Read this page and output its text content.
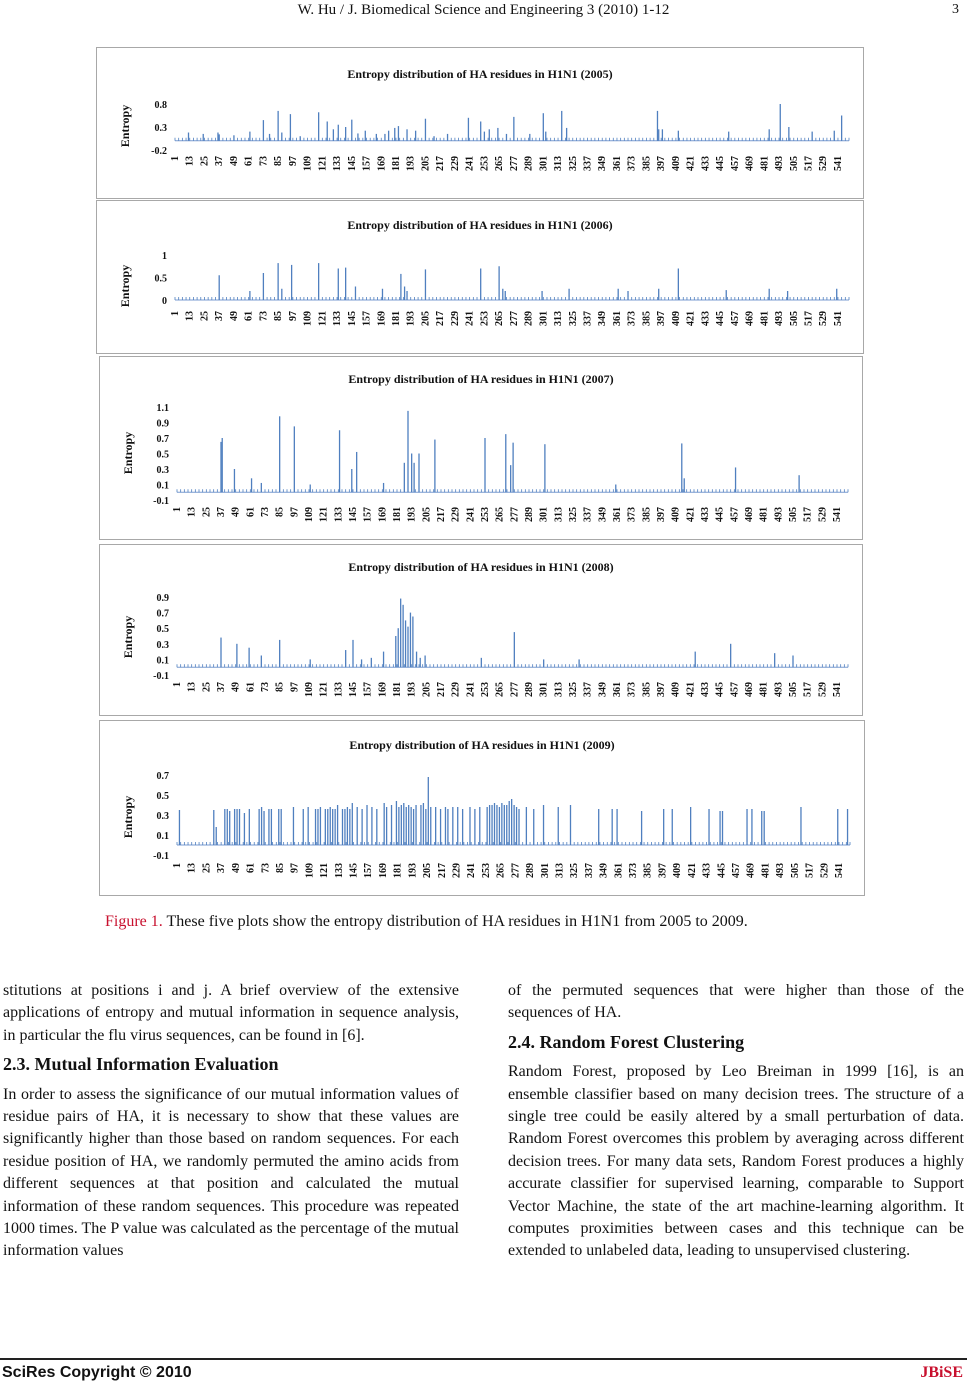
W. Hu / J. Biomedical Science and Engineering 3 (2010) 1-12	3
Entropy distribution of HA residues in H1N1 (2005)
Entropy 0.8
0.3
-0.2
1 13 25 37 49 61 73 85 97 109 121 133 145 157 169 181 193 205 217 229 241 253 265 277 289 301 313 325 337 349 361 373 385 397 409 421 433 445 457 469 481 493 505 517 529 541
Entropy distribution of HA residues in H1N1 (2006)
Entropy
1
0.5
0
1 13 25 37 49 61 73 85 97 109 121 133 145 157 169 181 193 205 217 229 241 253 265 277 289 301 313 325 337 349 361 373 385 397 409 421 433 445 457 469 481 493 505 517 529 541
Entropy distribution of HA residues in H1N1 (2007)
Entropy
1.1
0.9
0.7
0.5
0.3
0.1
-0.1
1 13 25 37 49 61 73 85 97 109 121 133 145 157 169 181 193 205 217 229 241 253 265 277 289 301 313 325 337 349 361 373 385 397 409 421 433 445 457 469 481 493 505 517 529 541
Entropy distribution of HA residues in H1N1 (2008)
Entropy
0.9
0.7
0.5
0.3
0.1
-0.1
1 13 25 37 49 61 73 85 97 109 121 133 145 157 169 181 193 205 217 229 241 253 265 277 289 301 313 325 337 349 361 373 385 397 409 421 433 445 457 469 481 493 505 517 529 541
Entropy distribution of HA residues in H1N1 (2009)
Entropy
0.7
0.5
0.3
0.1
-0.1
1 13 25 37 49 61 73 85 97 109 121 133 145 157 169 181 193 205 217 229 241 253 265 277 289 301 313 325 337 349 361 373 385 397 409 421 433 445 457 469 481 493 505 517 529 541
Figure 1. These five plots show the entropy distribution of HA residues in H1N1 from 2005 to 2009.

stitutions at positions i and j. A brief overview of the extensive applications of entropy and mutual information in sequence analysis, in particular the flu virus sequences, can be found in [6].

2.3. Mutual Information Evaluation

In order to assess the significance of our mutual information values of residue pairs of HA, it is necessary to show that these values are significantly higher than those based on random sequences. For each residue position of HA, we randomly permuted the amino acids from different sequences at that position and calculated the mutual information of these random sequences. This procedure was repeated 1000 times. The P value was calculated as the percentage of the mutual information values

of the permuted sequences that were higher than those of the sequences of HA.

2.4. Random Forest Clustering

Random Forest, proposed by Leo Breiman in 1999 [16], is an ensemble classifier based on many decision trees. The structure of a single tree could be easily altered by a small perturbation of data. Random Forest overcomes this problem by averaging across different decision trees. For many data sets, Random Forest produces a highly accurate classifier for supervised learning, comparable to Support Vector Machine, the state of the art machine-learning algorithm. It computes proximities between cases and this technique can be extended to unlabeled data, leading to unsupervised clustering.

SciRes Copyright © 2010	JBiSE
